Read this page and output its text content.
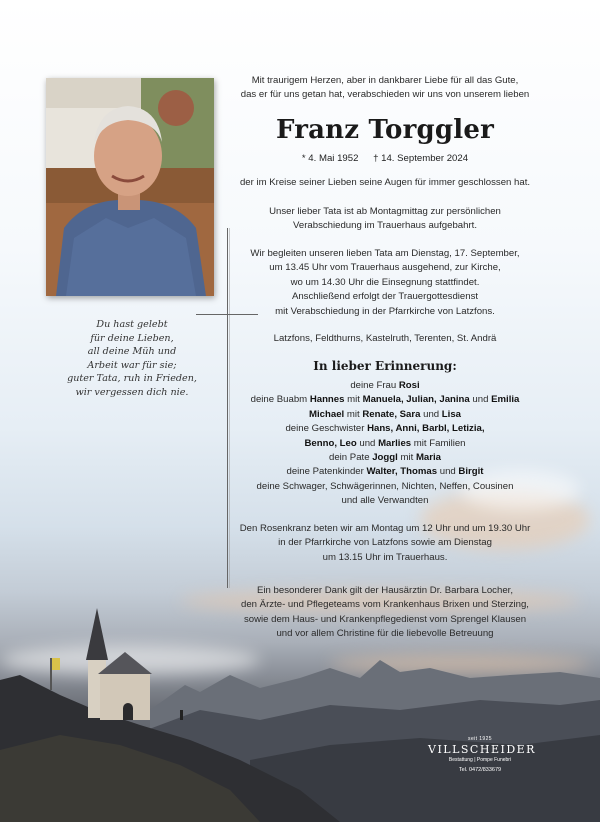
Du hast gelebt
für deine Lieben,
all deine Müh und
Arbeit war für sie;
guter Tata, ruh in Frieden,
wir vergessen dich nie.

Mit traurigem Herzen, aber in dankbarer Liebe für all das Gute,

das er für uns getan hat, verabschieden wir uns von unserem lieben

Franz Torggler
* 4. Mai 1952 † 14. September 2024

der im Kreise seiner Lieben seine Augen für immer geschlossen hat.

Unser lieber Tata ist ab Montagmittag zur persönlichen

Verabschiedung im Trauerhaus aufgebahrt.

Wir begleiten unseren lieben Tata am Dienstag, 17. September,

um 13.45 Uhr vom Trauerhaus ausgehend, zur Kirche,

wo um 14.30 Uhr die Einsegnung stattfindet.

Anschließend erfolgt der Trauergottesdienst

mit Verabschiedung in der Pfarrkirche von Latzfons.

Latzfons, Feldthurns, Kastelruth, Terenten, St. Andrä

In lieber Erinnerung:

deine Frau Rosi

deine Buabm Hannes mit Manuela, Julian, Janina und Emilia

Michael mit Renate, Sara und Lisa

deine Geschwister Hans, Anni, Barbl, Letizia,

Benno, Leo und Marlies mit Familien

dein Pate Joggl mit Maria

deine Patenkinder Walter, Thomas und Birgit

deine Schwager, Schwägerinnen, Nichten, Neffen, Cousinen

und alle Verwandten

Den Rosenkranz beten wir am Montag um 12 Uhr und um 19.30 Uhr

in der Pfarrkirche von Latzfons sowie am Dienstag

um 13.15 Uhr im Trauerhaus.

Ein besonderer Dank gilt der Hausärztin Dr. Barbara Locher,

den Ärzte- und Pflegeteams vom Krankenhaus Brixen und Sterzing,

sowie dem Haus- und Krankenpflegedienst vom Sprengel Klausen

und vor allem Christine für die liebevolle Betreuung

seit 1925
VILLSCHEIDER
Bestattung | Pompe Funebri
Tel. 0472/833679
